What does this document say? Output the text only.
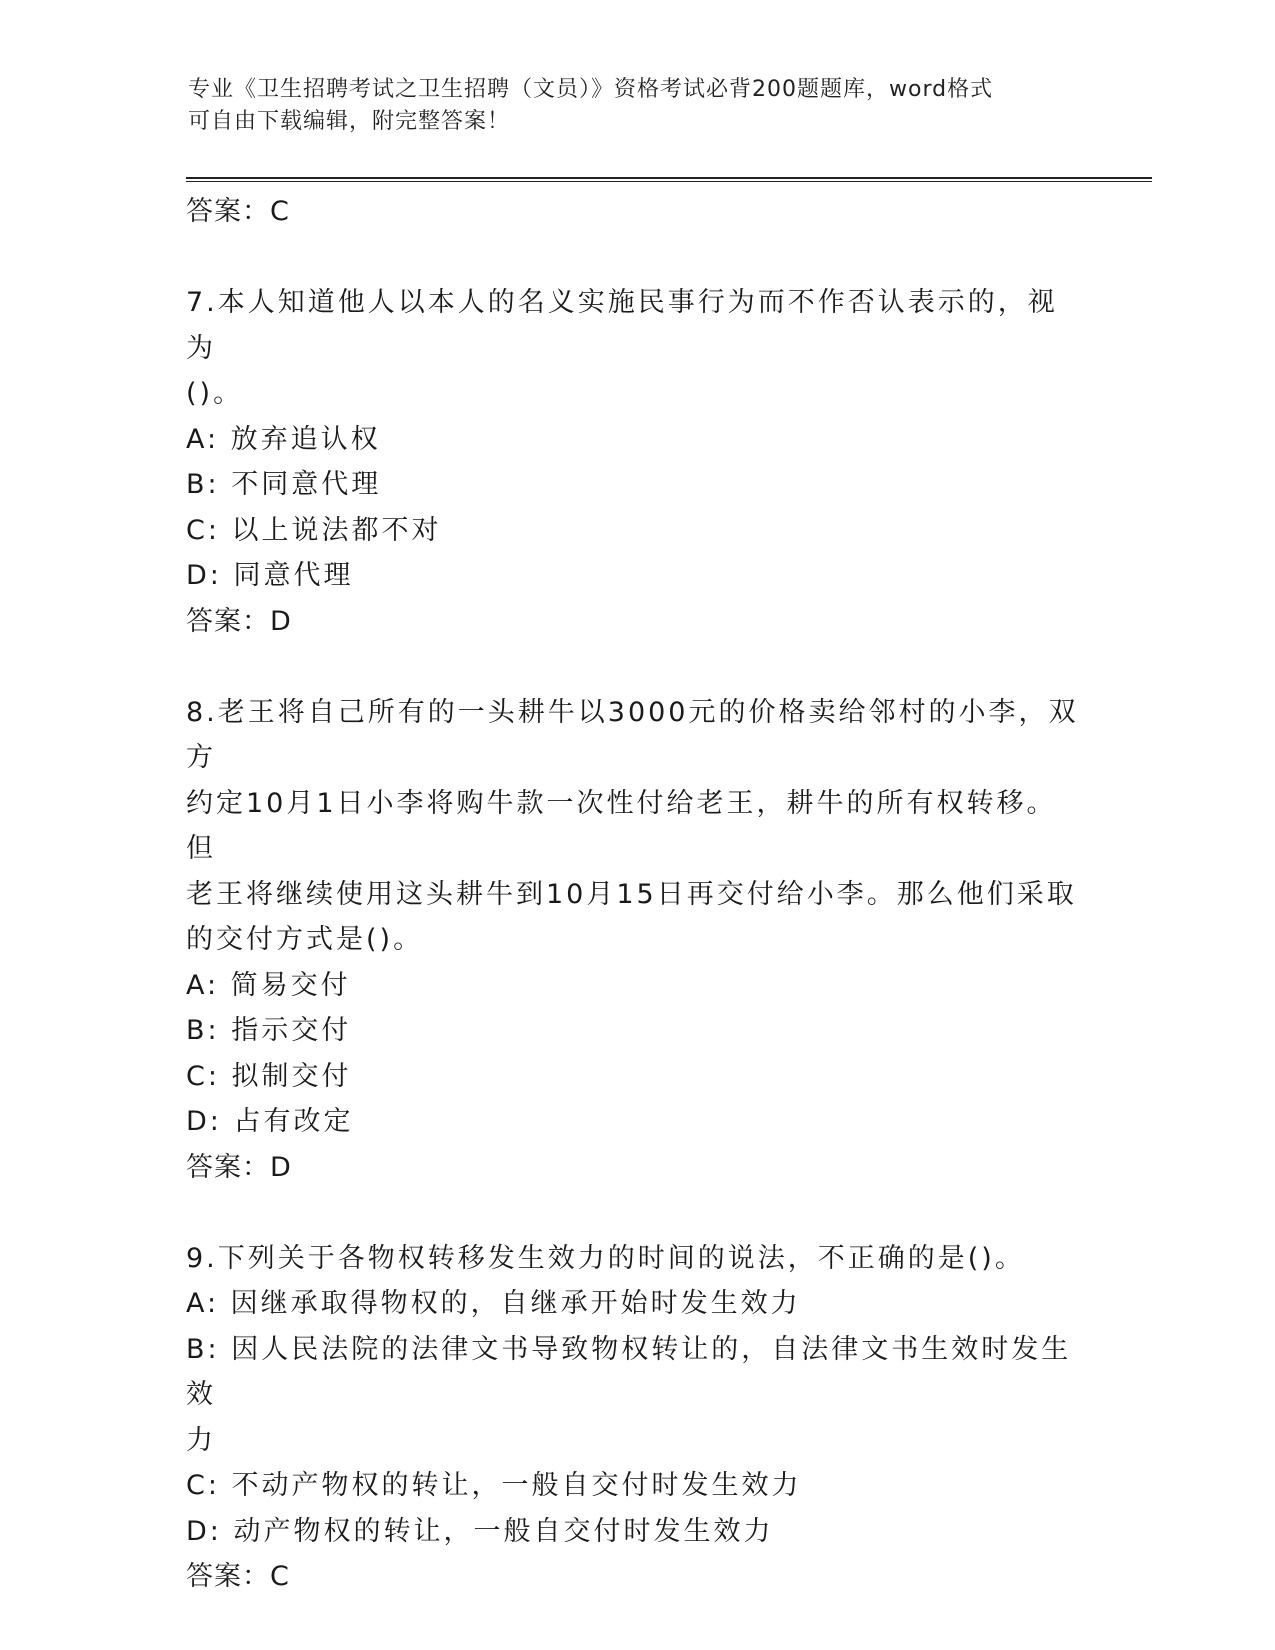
专业《卫生招聘考试之卫生招聘（文员）》资格考试必背200题题库，word格式
可自由下载编辑，附完整答案！

答案：C

7.本人知道他人以本人的名义实施民事行为而不作否认表示的，视为

()。

A: 放弃追认权

B: 不同意代理

C: 以上说法都不对

D: 同意代理

答案：D

8.老王将自己所有的一头耕牛以3000元的价格卖给邻村的小李，双方

约定10月1日小李将购牛款一次性付给老王，耕牛的所有权转移。但

老王将继续使用这头耕牛到10月15日再交付给小李。那么他们采取

的交付方式是()。

A: 简易交付

B: 指示交付

C: 拟制交付

D: 占有改定

答案：D

9.下列关于各物权转移发生效力的时间的说法，不正确的是()。

A: 因继承取得物权的，自继承开始时发生效力

B: 因人民法院的法律文书导致物权转让的，自法律文书生效时发生效

力

C: 不动产物权的转让，一般自交付时发生效力

D: 动产物权的转让，一般自交付时发生效力

答案：C
